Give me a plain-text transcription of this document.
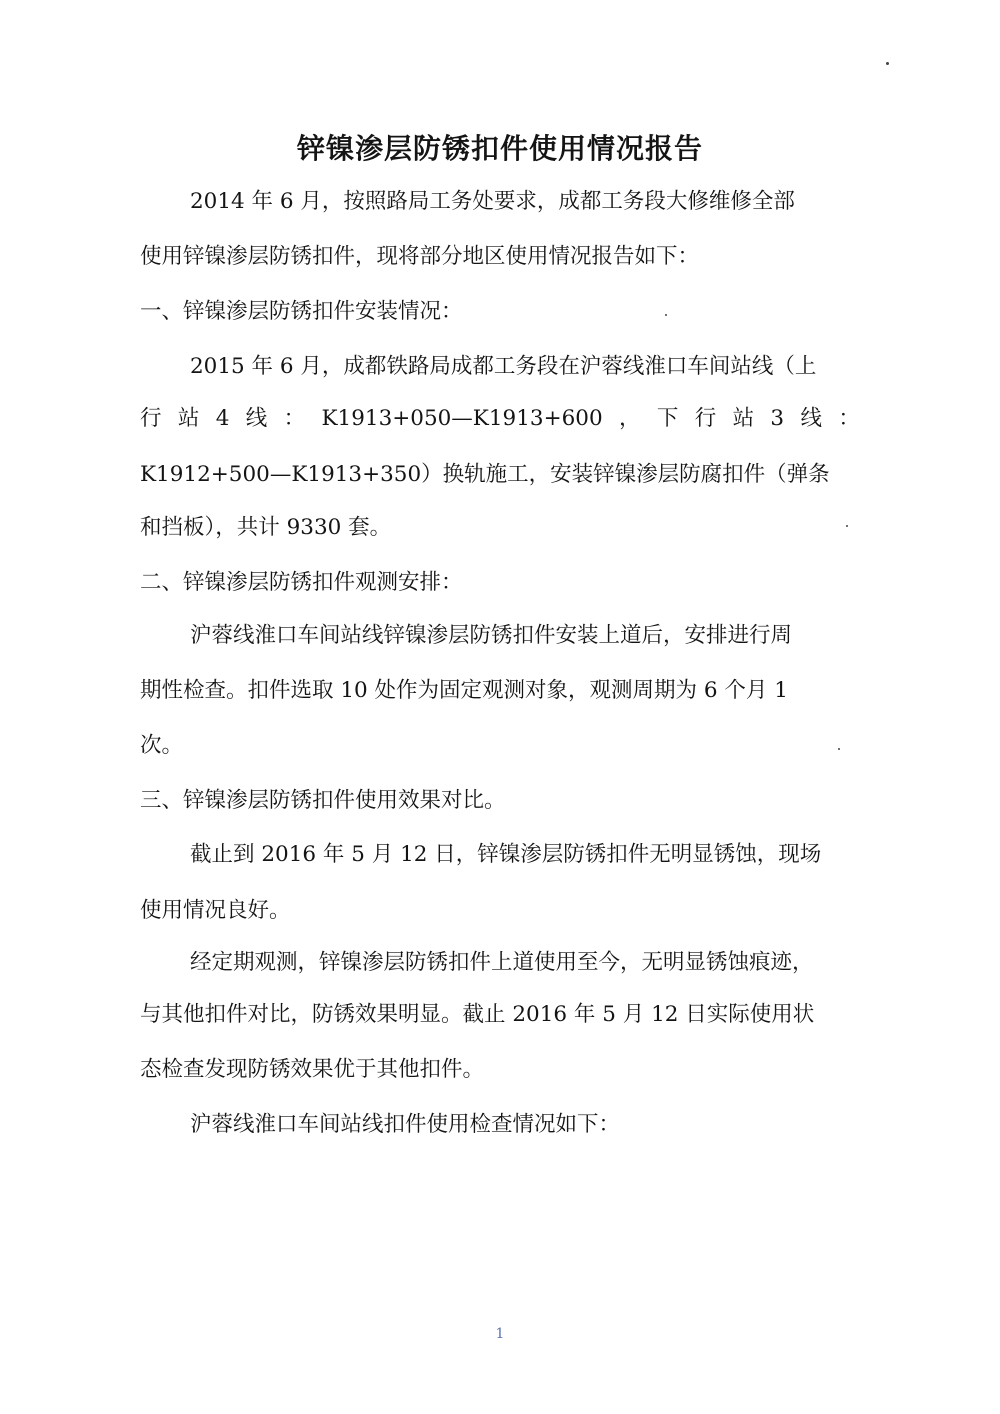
锌镍渗层防锈扣件使用情况报告
2014 年 6 月，按照路局工务处要求，成都工务段大修维修全部
使用锌镍渗层防锈扣件，现将部分地区使用情况报告如下：
一、锌镍渗层防锈扣件安装情况：
2015 年 6 月，成都铁路局成都工务段在沪蓉线淮口车间站线（上
行 站 4 线 ： K1913+050—K1913+600 ， 下 行 站 3 线 ：
K1912+500—K1913+350）换轨施工，安装锌镍渗层防腐扣件（弹条
和挡板），共计 9330 套。
二、锌镍渗层防锈扣件观测安排：
沪蓉线淮口车间站线锌镍渗层防锈扣件安装上道后，安排进行周
期性检查。扣件选取 10 处作为固定观测对象，观测周期为 6 个月 1
次。
三、锌镍渗层防锈扣件使用效果对比。
截止到 2016 年 5 月 12 日，锌镍渗层防锈扣件无明显锈蚀，现场
使用情况良好。
经定期观测，锌镍渗层防锈扣件上道使用至今，无明显锈蚀痕迹，
与其他扣件对比，防锈效果明显。截止 2016 年 5 月 12 日实际使用状
态检查发现防锈效果优于其他扣件。
沪蓉线淮口车间站线扣件使用检查情况如下：
1
